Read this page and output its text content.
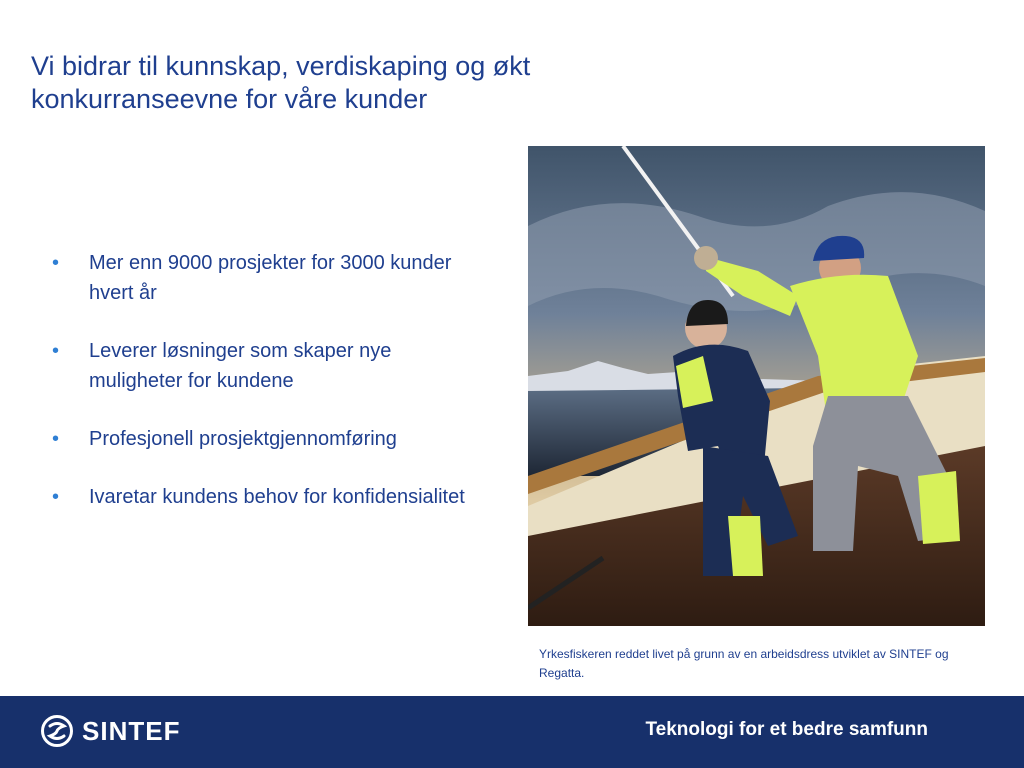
Vi bidrar til kunnskap, verdiskaping og økt
konkurranseevne for våre kunder
• Mer enn 9000 prosjekter for 3000 kunder hvert år
• Leverer løsninger som skaper nye muligheter for kundene
• Profesjonell prosjektgjennomføring
• Ivaretar kundens behov for konfidensialitet

Yrkesfiskeren reddet livet på grunn av en arbeidsdress utviklet av SINTEF og Regatta.

SINTEF	Teknologi for et bedre samfunn
